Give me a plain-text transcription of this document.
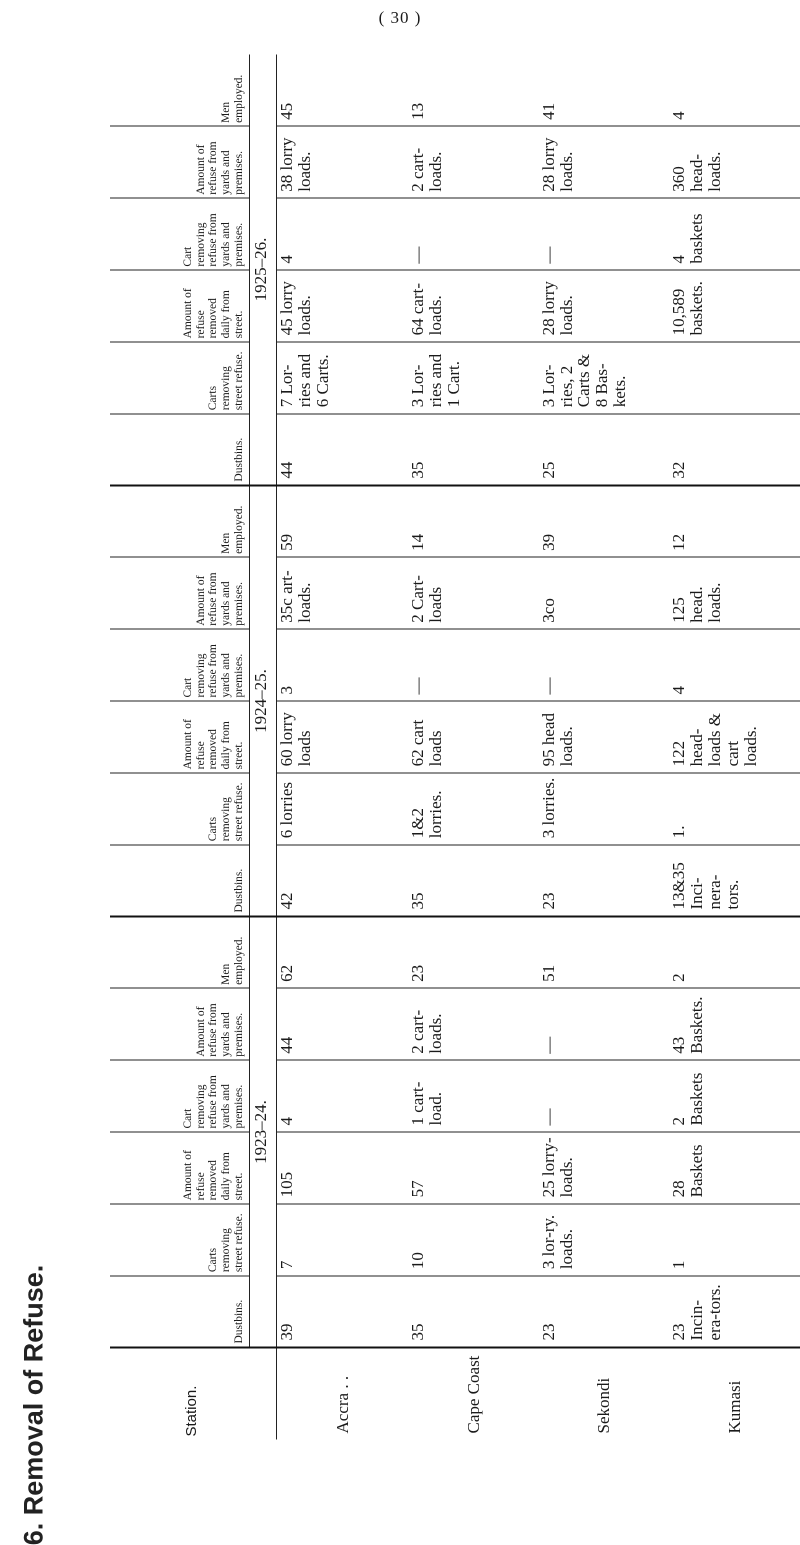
( 30 )
6. Removal of Refuse.	Station.	Dustbins.	Carts removing street refuse.	Amount of refuse removed daily from street.	Cart removing refuse from yards and premises.	Amount of refuse from yards and premises.	Men employed.	Dustbins.	Carts removing street refuse.	Amount of refuse removed daily from street.	Cart removing refuse from yards and premises.	Amount of refuse from yards and premises.	Men employed.	Dustbins.	Carts removing street refuse.	Amount of refuse removed daily from street.	Cart removing refuse from yards and premises.	Amount of refuse from yards and premises.	Men employed.
	1923–24.						1924–25.						1925–26.					
Accra . .	39	7	105	4	44	62	42	6 lorries	60 lorry loads	3	35c art-loads.	59	44	7 Lor-ries and 6 Carts.	45 lorry loads.	4	38 lorry loads.	45
Cape Coast	35	10	57	1 cart-load.	2 cart-loads.	23	35	1&2 lorries.	62 cart loads	—	2 Cart-loads	14	35	3 Lor-ries and 1 Cart.	64 cart-loads.	—	2 cart-loads.	13
Sekondi	23	3 lor-ry. loads.	25 lorry-loads.	—	—	51	23	3 lorries.	95 head loads.	—	3co	39	25	3 Lor-ries, 2 Carts & 8 Bas-kets.	28 lorry loads.	—	28 lorry loads.	41
Kumasi	23 Incin-era-tors.	1	28 Baskets	2 Baskets	43 Baskets.	2	13&35 Inci-nera-tors.	1.	122 head-loads & cart loads.	4	125 head. loads.	12	32		10,589 baskets.	4 baskets	360 head-loads.	4
